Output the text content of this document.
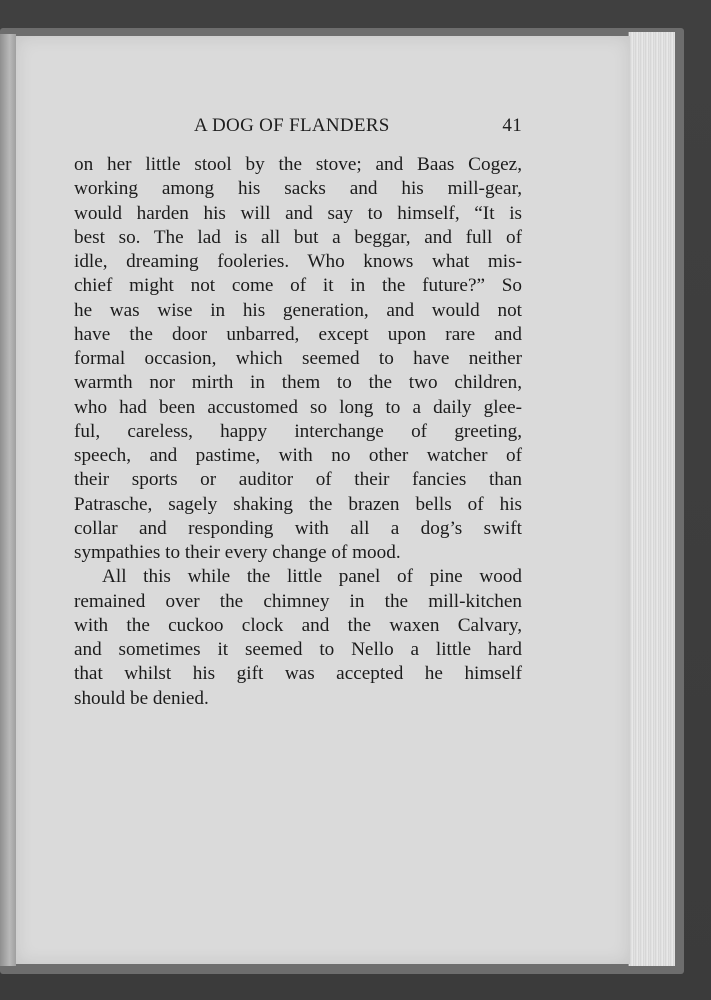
A DOG OF FLANDERS	41
on her little stool by the stove; and Baas Cogez,
working among his sacks and his mill-gear,
would harden his will and say to himself, “It is
best so. The lad is all but a beggar, and full of
idle, dreaming fooleries. Who knows what mis-
chief might not come of it in the future?” So
he was wise in his generation, and would not
have the door unbarred, except upon rare and
formal occasion, which seemed to have neither
warmth nor mirth in them to the two children,
who had been accustomed so long to a daily glee-
ful, careless, happy interchange of greeting,
speech, and pastime, with no other watcher of
their sports or auditor of their fancies than
Patrasche, sagely shaking the brazen bells of his
collar and responding with all a dog’s swift
sympathies to their every change of mood.
All this while the little panel of pine wood
remained over the chimney in the mill-kitchen
with the cuckoo clock and the waxen Calvary,
and sometimes it seemed to Nello a little hard
that whilst his gift was accepted he himself
should be denied.
